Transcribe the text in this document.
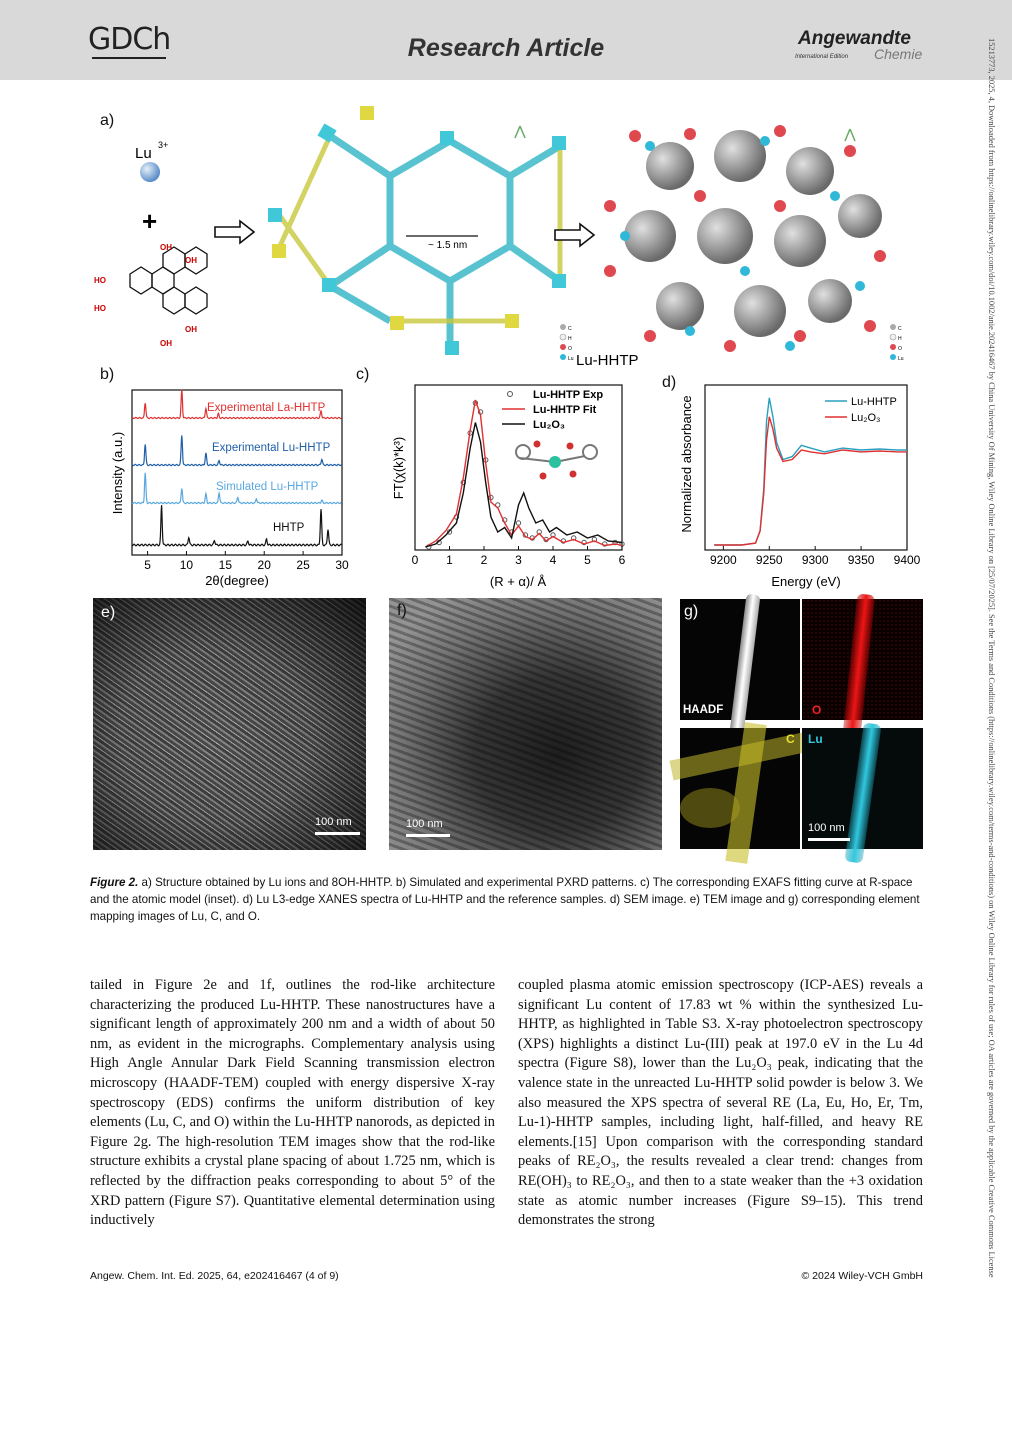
GDCh	Research Article	Angewandte
International Edition Chemie	15213773, 2025, 4, Downloaded from https://onlinelibrary.wiley.com/doi/10.1002/anie.202416467 by China University Of Mining, Wiley Online Library on [25/07/2025]. See the Terms and Conditions (https://onlinelibrary.wiley.com/terms-and-conditions) on Wiley Online Library for rules of use; OA articles are governed by the applicable Creative Commons License
a)
Lu 3+
+
OH
OH
HO
HO
OH
OH
~ 1.5 nm
C
H
O
Lu Lu-HHTP
C
H
O
Lu
b)
5 10 15 20 25 30
Intensity (a.u.)
2θ(degree)
Experimental La-HHTP
Experimental Lu-HHTP
Simulated Lu-HHTP
HHTP
c)
0 1 2 3 4 5 6
FT(χ(k)*k³)
(R + α)/ Å
Lu-HHTP Exp
Lu-HHTP Fit
Lu₂O₃
d)
9200 9250 9300 9350 9400
Normalized absorbance
Energy (eV)
Lu-HHTP
Lu₂O₃
e)
100 nm
f)
100 nm
g)
HAADF	O
C Lu
100 nm
Figure 2. a) Structure obtained by Lu ions and 8OH-HHTP. b) Simulated and experimental PXRD patterns. c) The corresponding EXAFS fitting curve at R-space and the atomic model (inset). d) Lu L3-edge XANES spectra of Lu-HHTP and the reference samples. d) SEM image. e) TEM image and g) corresponding element mapping images of Lu, C, and O.

tailed in Figure 2e and 1f, outlines the rod-like architecture characterizing the produced Lu-HHTP. These nanostructures have a significant length of approximately 200 nm and a width of about 50 nm, as evident in the micrographs. Complementary analysis using High Angle Annular Dark Field Scanning transmission electron microscopy (HAADF-TEM) coupled with energy dispersive X-ray spectroscopy (EDS) confirms the uniform distribution of key elements (Lu, C, and O) within the Lu-HHTP nanorods, as depicted in Figure 2g. The high-resolution TEM images show that the rod-like structure exhibits a crystal plane spacing of about 1.725 nm, which is reflected by the diffraction peaks corresponding to about 5° of the XRD pattern (Figure S7). Quantitative elemental determination using inductively

coupled plasma atomic emission spectroscopy (ICP-AES) reveals a significant Lu content of 17.83 wt % within the synthesized Lu-HHTP, as highlighted in Table S3. X-ray photoelectron spectroscopy (XPS) highlights a distinct Lu-(III) peak at 197.0 eV in the Lu 4d spectra (Figure S8), lower than the Lu₂O₃ peak, indicating that the valence state in the unreacted Lu-HHTP solid powder is below 3. We also measured the XPS spectra of several RE (La, Eu, Ho, Er, Tm, Lu-1)-HHTP samples, including light, half-filled, and heavy RE elements.[15] Upon comparison with the corresponding standard peaks of RE₂O₃, the results revealed a clear trend: changes from RE(OH)₃ to RE₂O₃, and then to a state weaker than the +3 oxidation state as atomic number increases (Figure S9–15). This trend demonstrates the strong

Angew. Chem. Int. Ed. 2025, 64, e202416467 (4 of 9)	© 2024 Wiley-VCH GmbH
